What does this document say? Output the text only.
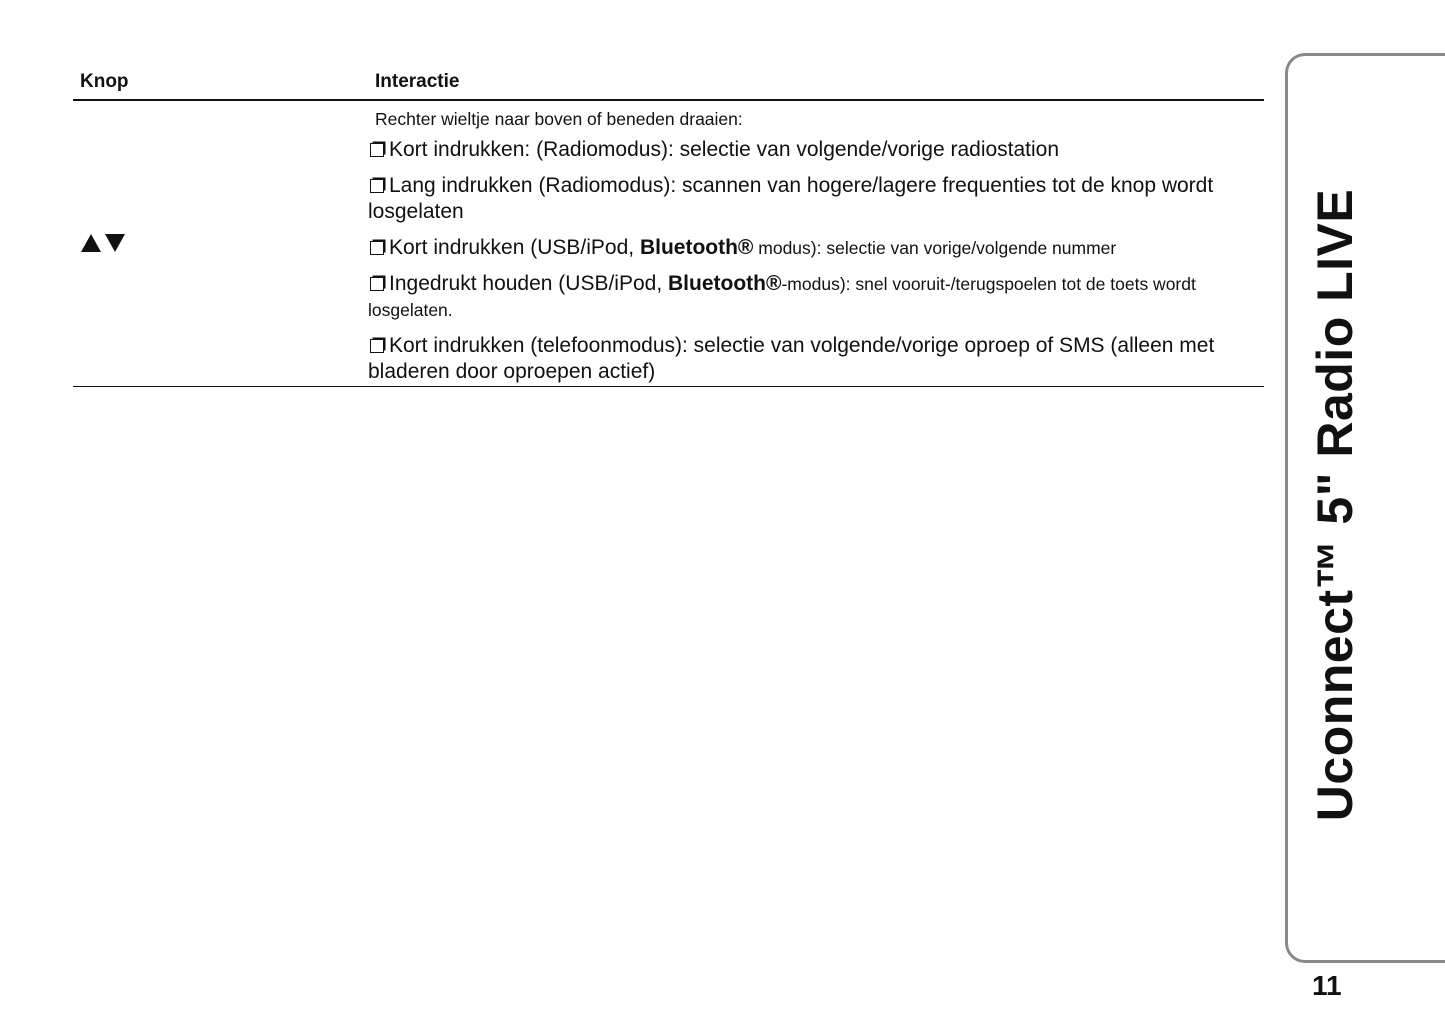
Knop	Interactie
Rechter wieltje naar boven of beneden draaien:
Kort indrukken: (Radiomodus): selectie van volgende/vorige radiostation
Lang indrukken (Radiomodus): scannen van hogere/lagere frequenties tot de knop wordt losgelaten
Kort indrukken (USB/iPod, Bluetooth® modus): selectie van vorige/volgende nummer
Ingedrukt houden (USB/iPod, Bluetooth®-modus): snel vooruit-/terugspoelen tot de toets wordt losgelaten.
Kort indrukken (telefoonmodus): selectie van volgende/vorige oproep of SMS (alleen met bladeren door oproepen actief)	Uconnect™ 5" Radio LIVE
11
